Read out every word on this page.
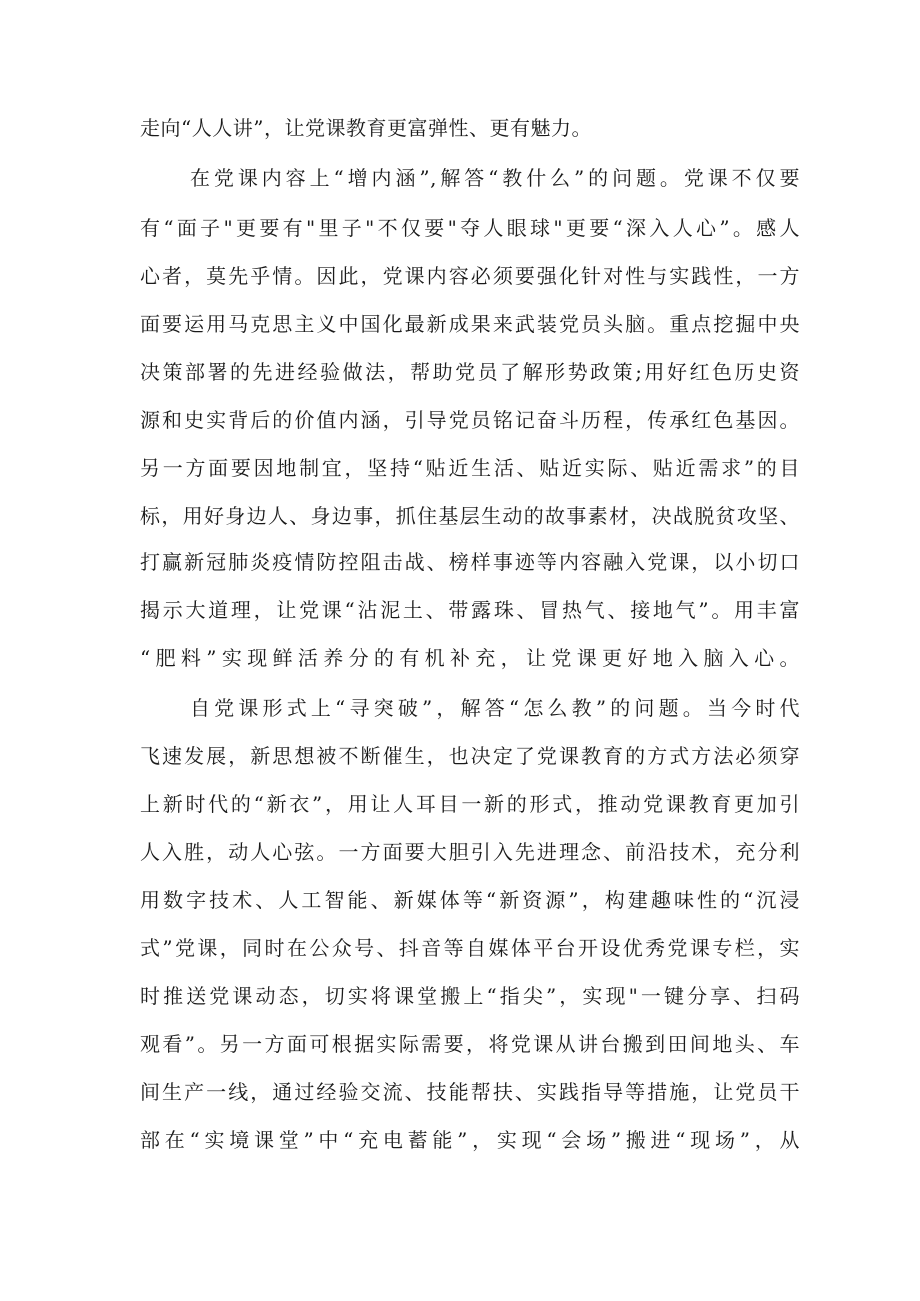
走向“人人讲”，让党课教育更富弹性、更有魅力。
在党课内容上“增内涵”,解答“教什么”的问题。党课不仅要
有“面子"更要有"里子"不仅要"夺人眼球"更要“深入人心”。感人
心者，莫先乎情。因此，党课内容必须要强化针对性与实践性，一方
面要运用马克思主义中国化最新成果来武装党员头脑。重点挖掘中央
决策部署的先进经验做法，帮助党员了解形势政策;用好红色历史资
源和史实背后的价值内涵，引导党员铭记奋斗历程，传承红色基因。
另一方面要因地制宜，坚持“贴近生活、贴近实际、贴近需求”的目
标，用好身边人、身边事，抓住基层生动的故事素材，决战脱贫攻坚、
打赢新冠肺炎疫情防控阻击战、榜样事迹等内容融入党课，以小切口
揭示大道理，让党课“沾泥土、带露珠、冒热气、接地气”。用丰富
“肥料”实现鲜活养分的有机补充，让党课更好地入脑入心。
自党课形式上“寻突破”，解答“怎么教”的问题。当今时代
飞速发展，新思想被不断催生，也决定了党课教育的方式方法必须穿
上新时代的“新衣”，用让人耳目一新的形式，推动党课教育更加引
人入胜，动人心弦。一方面要大胆引入先进理念、前沿技术，充分利
用数字技术、人工智能、新媒体等“新资源”，构建趣味性的“沉浸
式”党课，同时在公众号、抖音等自媒体平台开设优秀党课专栏，实
时推送党课动态，切实将课堂搬上“指尖”，实现"一键分享、扫码
观看”。另一方面可根据实际需要，将党课从讲台搬到田间地头、车
间生产一线，通过经验交流、技能帮扶、实践指导等措施，让党员干
部在“实境课堂”中“充电蓄能”，实现“会场”搬进“现场”，从
